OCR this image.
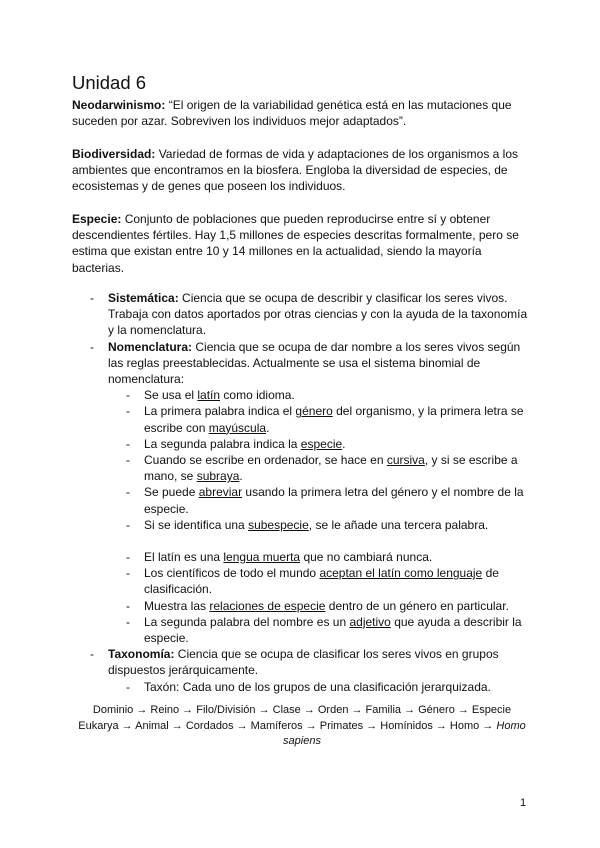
Unidad 6

Neodarwinismo: “El origen de la variabilidad genética está en las mutaciones que suceden por azar. Sobreviven los individuos mejor adaptados”.

Biodiversidad: Variedad de formas de vida y adaptaciones de los organismos a los ambientes que encontramos en la biosfera. Engloba la diversidad de especies, de ecosistemas y de genes que poseen los individuos.

Especie: Conjunto de poblaciones que pueden reproducirse entre sí y obtener descendientes fértiles. Hay 1,5 millones de especies descritas formalmente, pero se estima que existan entre 10 y 14 millones en la actualidad, siendo la mayoría bacterias.

- Sistemática: Ciencia que se ocupa de describir y clasificar los seres vivos. Trabaja con datos aportados por otras ciencias y con la ayuda de la taxonomía y la nomenclatura.
- Nomenclatura: Ciencia que se ocupa de dar nombre a los seres vivos según las reglas preestablecidas. Actualmente se usa el sistema binomial de nomenclatura:
- Se usa el latín como idioma.
- La primera palabra indica el género del organismo, y la primera letra se escribe con mayúscula.
- La segunda palabra indica la especie.
- Cuando se escribe en ordenador, se hace en cursiva, y si se escribe a mano, se subraya.
- Se puede abreviar usando la primera letra del género y el nombre de la especie.
- Si se identifica una subespecie, se le añade una tercera palabra.
- El latín es una lengua muerta que no cambiará nunca.
- Los científicos de todo el mundo aceptan el latín como lenguaje de clasificación.
- Muestra las relaciones de especie dentro de un género en particular.
- La segunda palabra del nombre es un adjetivo que ayuda a describir la especie.
- Taxonomía: Ciencia que se ocupa de clasificar los seres vivos en grupos dispuestos jerárquicamente.
- Taxón: Cada uno de los grupos de una clasificación jerarquizada.
Dominio → Reino → Filo/División → Clase → Orden → Familia → Género → Especie
Eukarya → Animal → Cordados → Mamíferos → Primates → Homínidos → Homo → Homo sapiens
1
